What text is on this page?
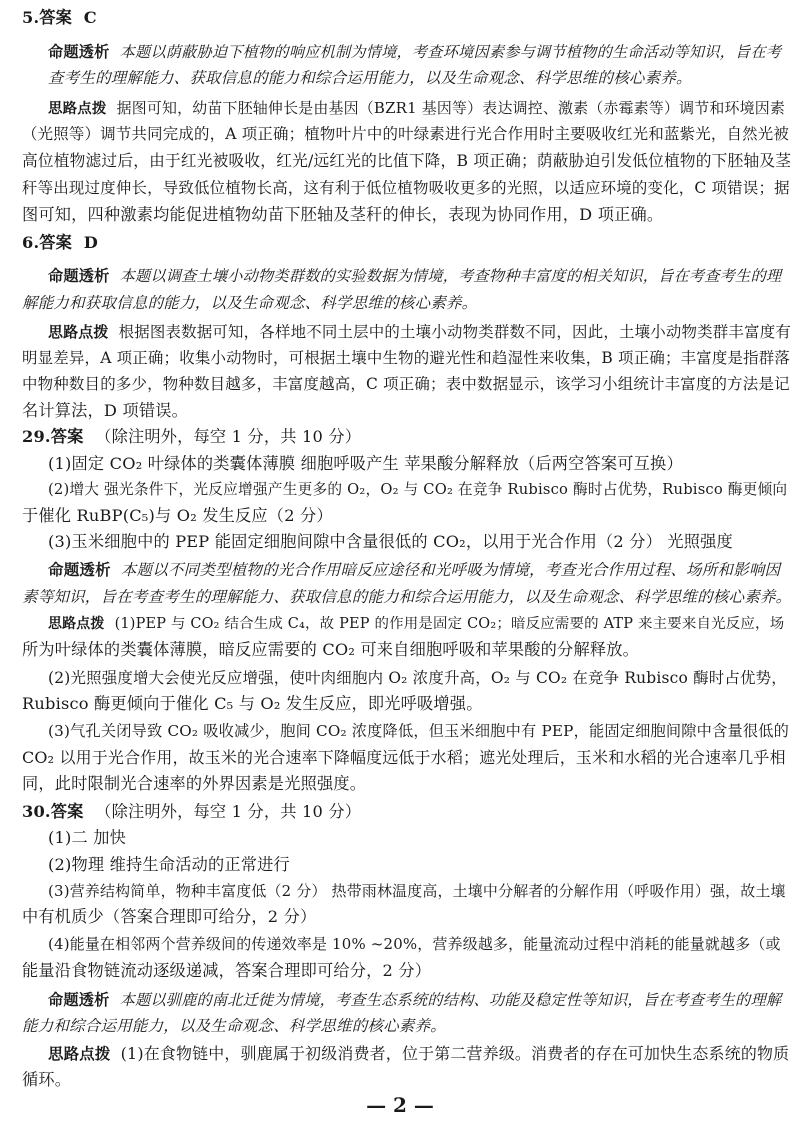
5.答案 C
命题透析 本题以荫蔽胁迫下植物的响应机制为情境，考查环境因素参与调节植物的生命活动等知识，旨在考
查考生的理解能力、获取信息的能力和综合运用能力，以及生命观念、科学思维的核心素养。
思路点拨 据图可知，幼苗下胚轴伸长是由基因（BZR1 基因等）表达调控、激素（赤霉素等）调节和环境因素
（光照等）调节共同完成的，A 项正确；植物叶片中的叶绿素进行光合作用时主要吸收红光和蓝紫光，自然光被
高位植物滤过后，由于红光被吸收，红光/远红光的比值下降，B 项正确；荫蔽胁迫引发低位植物的下胚轴及茎
秆等出现过度伸长，导致低位植物长高，这有利于低位植物吸收更多的光照，以适应环境的变化，C 项错误；据
图可知，四种激素均能促进植物幼苗下胚轴及茎秆的伸长，表现为协同作用，D 项正确。
6.答案 D
命题透析 本题以调查土壤小动物类群数的实验数据为情境，考查物种丰富度的相关知识，旨在考查考生的理
解能力和获取信息的能力，以及生命观念、科学思维的核心素养。
思路点拨 根据图表数据可知，各样地不同土层中的土壤小动物类群数不同，因此，土壤小动物类群丰富度有
明显差异，A 项正确；收集小动物时，可根据土壤中生物的避光性和趋湿性来收集，B 项正确；丰富度是指群落
中物种数目的多少，物种数目越多，丰富度越高，C 项正确；表中数据显示，该学习小组统计丰富度的方法是记
名计算法，D 项错误。
29.答案 （除注明外，每空 1 分，共 10 分）
(1)固定 CO₂ 叶绿体的类囊体薄膜 细胞呼吸产生 苹果酸分解释放（后两空答案可互换）
(2)增大 强光条件下，光反应增强产生更多的 O₂，O₂ 与 CO₂ 在竞争 Rubisco 酶时占优势，Rubisco 酶更倾向
于催化 RuBP(C₅)与 O₂ 发生反应（2 分）
(3)玉米细胞中的 PEP 能固定细胞间隙中含量很低的 CO₂，以用于光合作用（2 分） 光照强度
命题透析 本题以不同类型植物的光合作用暗反应途径和光呼吸为情境，考查光合作用过程、场所和影响因
素等知识，旨在考查考生的理解能力、获取信息的能力和综合运用能力，以及生命观念、科学思维的核心素养。
思路点拨 (1)PEP 与 CO₂ 结合生成 C₄，故 PEP 的作用是固定 CO₂；暗反应需要的 ATP 来主要来自光反应，场
所为叶绿体的类囊体薄膜，暗反应需要的 CO₂ 可来自细胞呼吸和苹果酸的分解释放。
(2)光照强度增大会使光反应增强，使叶肉细胞内 O₂ 浓度升高，O₂ 与 CO₂ 在竞争 Rubisco 酶时占优势，
Rubisco 酶更倾向于催化 C₅ 与 O₂ 发生反应，即光呼吸增强。
(3)气孔关闭导致 CO₂ 吸收减少，胞间 CO₂ 浓度降低，但玉米细胞中有 PEP，能固定细胞间隙中含量很低的
CO₂ 以用于光合作用，故玉米的光合速率下降幅度远低于水稻；遮光处理后，玉米和水稻的光合速率几乎相
同，此时限制光合速率的外界因素是光照强度。
30.答案 （除注明外，每空 1 分，共 10 分）
(1)二 加快
(2)物理 维持生命活动的正常进行
(3)营养结构简单，物种丰富度低（2 分） 热带雨林温度高，土壤中分解者的分解作用（呼吸作用）强，故土壤
中有机质少（答案合理即可给分，2 分）
(4)能量在相邻两个营养级间的传递效率是 10% ~20%，营养级越多，能量流动过程中消耗的能量就越多（或
能量沿食物链流动逐级递减，答案合理即可给分，2 分）
命题透析 本题以驯鹿的南北迁徙为情境，考查生态系统的结构、功能及稳定性等知识，旨在考查考生的理解
能力和综合运用能力，以及生命观念、科学思维的核心素养。
思路点拨 (1)在食物链中，驯鹿属于初级消费者，位于第二营养级。消费者的存在可加快生态系统的物质
循环。
— 2 —
